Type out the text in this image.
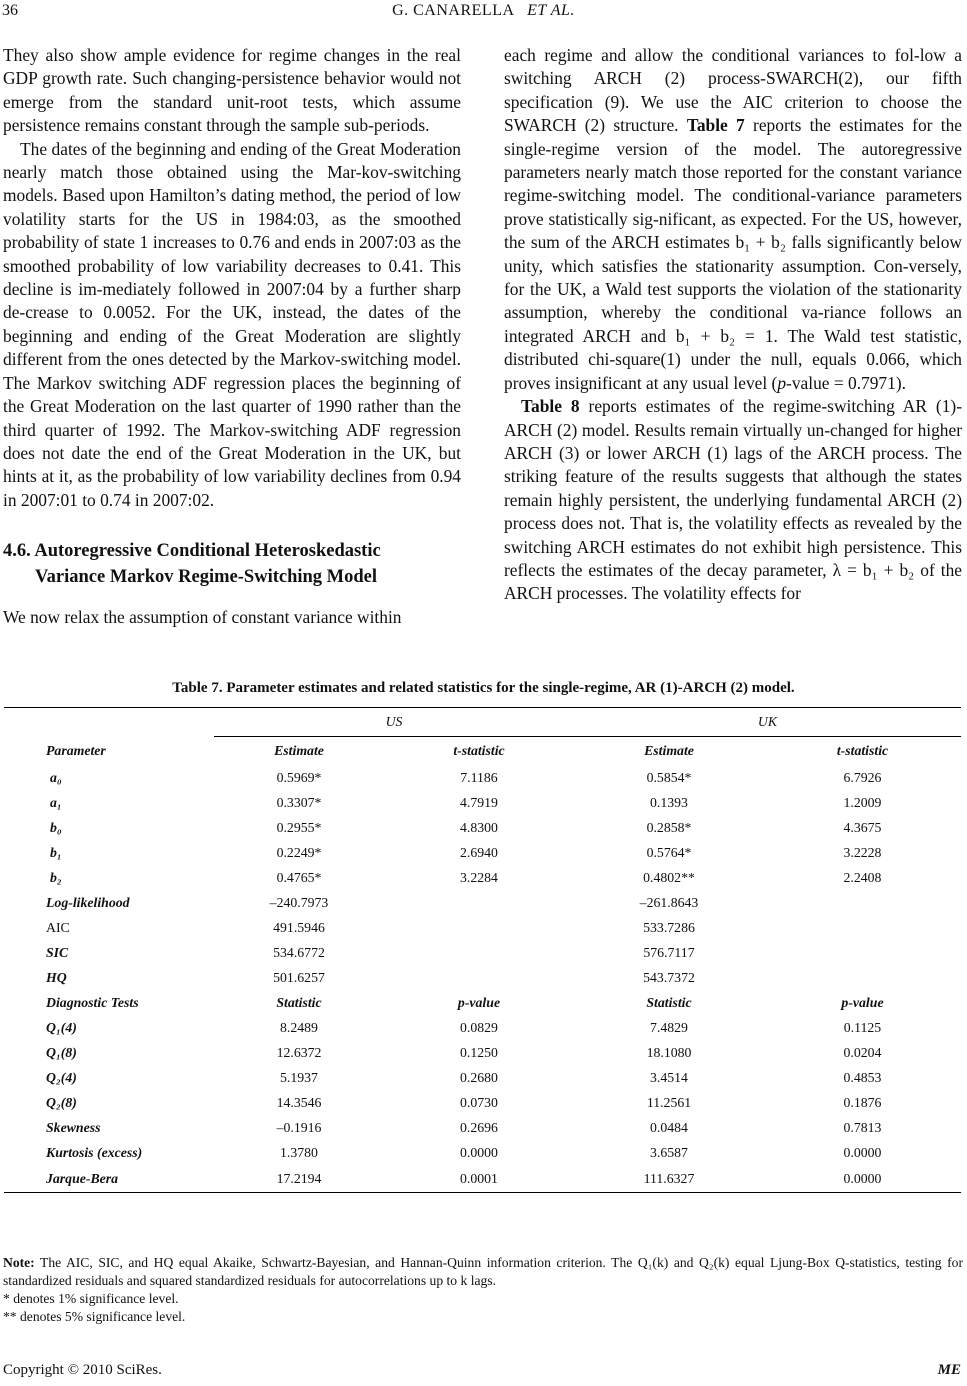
36	G. CANARELLA ET AL.

They also show ample evidence for regime changes in the real GDP growth rate. Such changing-persistence behavior would not emerge from the standard unit-root tests, which assume persistence remains constant through the sample sub-periods.

The dates of the beginning and ending of the Great Moderation nearly match those obtained using the Mar-kov-switching models. Based upon Hamilton’s dating method, the period of low volatility starts for the US in 1984:03, as the smoothed probability of state 1 increases to 0.76 and ends in 2007:03 as the smoothed probability of low variability decreases to 0.41. This decline is im-mediately followed in 2007:04 by a further sharp de-crease to 0.0052. For the UK, instead, the dates of the beginning and ending of the Great Moderation are slightly different from the ones detected by the Markov-switching model. The Markov switching ADF regression places the beginning of the Great Moderation on the last quarter of 1990 rather than the third quarter of 1992. The Markov-switching ADF regression does not date the end of the Great Moderation in the UK, but hints at it, as the probability of low variability declines from 0.94 in 2007:01 to 0.74 in 2007:02.

4.6. Autoregressive Conditional Heteroskedastic
Variance Markov Regime-Switching Model

We now relax the assumption of constant variance within

each regime and allow the conditional variances to fol-low a switching ARCH (2) process-SWARCH(2), our fifth specification (9). We use the AIC criterion to choose the SWARCH (2) structure. Table 7 reports the estimates for the single-regime version of the model. The autoregressive parameters nearly match those reported for the constant variance regime-switching model. The conditional-variance parameters prove statistically sig-nificant, as expected. For the US, however, the sum of the ARCH estimates b₁ + b₂ falls significantly below unity, which satisfies the stationarity assumption. Con-versely, for the UK, a Wald test supports the violation of the stationarity assumption, whereby the conditional va-riance follows an integrated ARCH and b₁ + b₂ = 1. The Wald test statistic, distributed chi-square(1) under the null, equals 0.066, which proves insignificant at any usual level (p-value = 0.7971).

Table 8 reports estimates of the regime-switching AR (1)-ARCH (2) model. Results remain virtually un-changed for higher ARCH (3) or lower ARCH (1) lags of the ARCH process. The striking feature of the results suggests that although the states remain highly persistent, the underlying fundamental ARCH (2) process does not. That is, the volatility effects as revealed by the switching ARCH estimates do not exhibit high persistence. This reflects the estimates of the decay parameter, λ = b₁ + b₂ of the ARCH processes. The volatility effects for

Table 7. Parameter estimates and related statistics for the single-regime, AR (1)-ARCH (2) model.
	US		UK	
Parameter	Estimate	t-statistic	Estimate	t-statistic
a₀	0.5969*	7.1186	0.5854*	6.7926
a₁	0.3307*	4.7919	0.1393	1.2009
b₀	0.2955*	4.8300	0.2858*	4.3675
b₁	0.2249*	2.6940	0.5764*	3.2228
b₂	0.4765*	3.2284	0.4802**	2.2408
Log-likelihood	–240.7973		–261.8643	
AIC	491.5946		533.7286	
SIC	534.6772		576.7117	
HQ	501.6257		543.7372	
Diagnostic Tests	Statistic	p-value	Statistic	p-value
Q₁(4)	8.2489	0.0829	7.4829	0.1125
Q₁(8)	12.6372	0.1250	18.1080	0.0204
Q₂(4)	5.1937	0.2680	3.4514	0.4853
Q₂(8)	14.3546	0.0730	11.2561	0.1876
Skewness	–0.1916	0.2696	0.0484	0.7813
Kurtosis (excess)	1.3780	0.0000	3.6587	0.0000
Jarque-Bera	17.2194	0.0001	111.6327	0.0000
Note: The AIC, SIC, and HQ equal Akaike, Schwartz-Bayesian, and Hannan-Quinn information criterion. The Q₁(k) and Q₂(k) equal Ljung-Box Q-statistics, testing for standardized residuals and squared standardized residuals for autocorrelations up to k lags.
* denotes 1% significance level.
** denotes 5% significance level.
Copyright © 2010 SciRes.	ME
